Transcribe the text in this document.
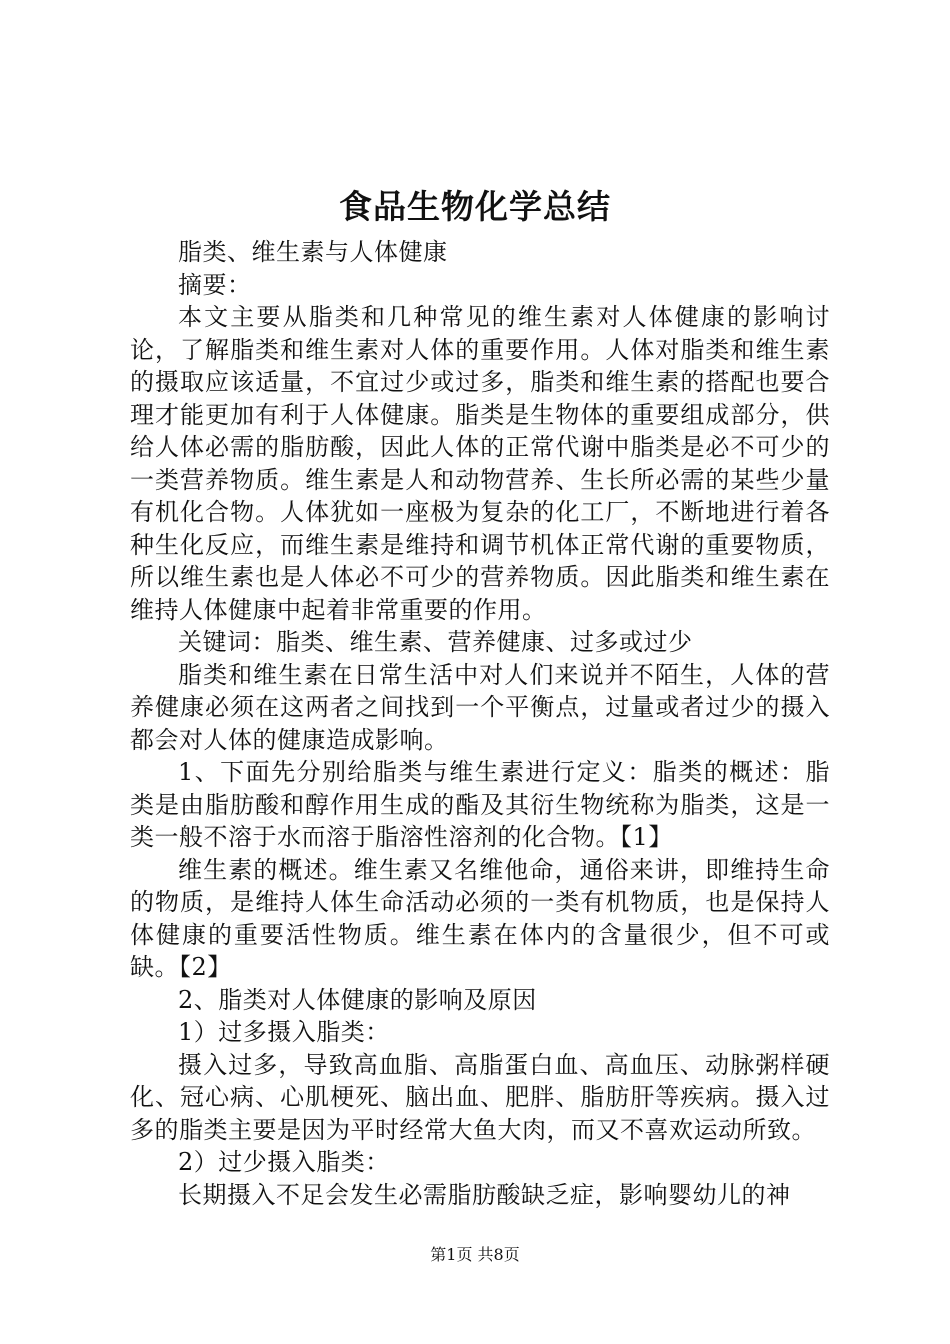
食品生物化学总结

脂类、维生素与人体健康

摘要：

本文主要从脂类和几种常见的维生素对人体健康的影响讨论，了解脂类和维生素对人体的重要作用。人体对脂类和维生素的摄取应该适量，不宜过少或过多，脂类和维生素的搭配也要合理才能更加有利于人体健康。脂类是生物体的重要组成部分，供给人体必需的脂肪酸，因此人体的正常代谢中脂类是必不可少的一类营养物质。维生素是人和动物营养、生长所必需的某些少量有机化合物。人体犹如一座极为复杂的化工厂，不断地进行着各种生化反应，而维生素是维持和调节机体正常代谢的重要物质，所以维生素也是人体必不可少的营养物质。因此脂类和维生素在维持人体健康中起着非常重要的作用。

关键词：脂类、维生素、营养健康、过多或过少

脂类和维生素在日常生活中对人们来说并不陌生，人体的营养健康必须在这两者之间找到一个平衡点，过量或者过少的摄入都会对人体的健康造成影响。

1、下面先分别给脂类与维生素进行定义：脂类的概述：脂类是由脂肪酸和醇作用生成的酯及其衍生物统称为脂类，这是一类一般不溶于水而溶于脂溶性溶剂的化合物。【1】

维生素的概述。维生素又名维他命，通俗来讲，即维持生命的物质，是维持人体生命活动必须的一类有机物质，也是保持人体健康的重要活性物质。维生素在体内的含量很少，但不可或缺。【2】

2、脂类对人体健康的影响及原因

1）过多摄入脂类：

摄入过多，导致高血脂、高脂蛋白血、高血压、动脉粥样硬化、冠心病、心肌梗死、脑出血、肥胖、脂肪肝等疾病。摄入过多的脂类主要是因为平时经常大鱼大肉，而又不喜欢运动所致。

2）过少摄入脂类：

长期摄入不足会发生必需脂肪酸缺乏症，影响婴幼儿的神

第1页 共8页
